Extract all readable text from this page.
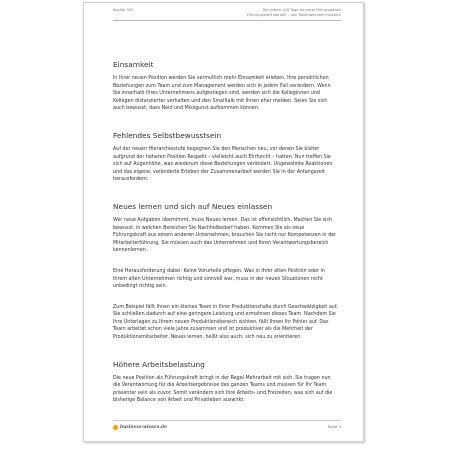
Kapitel 302	Die ersten 100 Tage als neue Führungskraft
Führungskraft werden – den Rollenwechsel meistern
Einsamkeit

In Ihrer neuen Position werden Sie vermutlich mehr Einsamkeit erleben. Ihre persönlichen Beziehungen zum Team und zum Management werden sich in jedem Fall verändern. Wenn Sie innerhalb Ihres Unternehmens aufgestiegen sind, werden sich die Kolleginnen und Kollegen distanzierter verhalten und den Smalltalk mit Ihnen eher meiden. Seien Sie sich auch bewusst, dass Neid und Missgunst aufkommen können.

Fehlendes Selbstbewusstsein

Auf der neuen Hierarchiestufe begegnen Sie den Menschen neu, vor denen Sie bisher aufgrund der höheren Position Respekt – vielleicht auch Ehrfurcht – hatten. Nun treffen Sie sich auf Augenhöhe, was wiederum diese Beziehungen verändert. Ungewohnte Reaktionen und das eigene, veränderte Erleben der Zusammenarbeit werden Sie in der Anfangszeit herausfordern.

Neues lernen und sich auf Neues einlassen

Wer neue Aufgaben übernimmt, muss Neues lernen. Das ist offensichtlich. Machen Sie sich bewusst, in welchen Bereichen Sie Nachholbedarf haben. Kommen Sie als neue Führungskraft aus einem anderen Unternehmen, brauchen Sie nicht nur Kompetenzen in der Mitarbeiterführung. Sie müssen auch das Unternehmen und Ihren Verantwortungsbereich kennenlernen.

Eine Herausforderung dabei: Keine Vorurteile pflegen. Was in Ihrer alten Position oder in Ihrem alten Unternehmen richtig und sinnvoll war, muss in der neuen Situationen nicht unbedingt richtig sein.

Zum Beispiel fällt Ihnen ein kleines Team in Ihrer Produktionshalle durch Geschwätzigkeit auf. Sie schließen dadurch auf eine geringere Leistung und ermahnen dieses Team. Nachdem Sie Ihre Unterlagen zu Ihrem neuen Produktionsbereich sichten, fällt Ihnen Ihr Fehler auf. Das Team arbeitet schon viele Jahre zusammen und ist produktiver als die Mehrheit der Produktionsmitarbeiter. Neues lernen, heißt also auch, sich neu zu orientieren.

Höhere Arbeitsbelastung

Die neue Position als Führungskraft bringt in der Regel Mehrarbeit mit sich. Sie tragen nun die Verantwortung für die Arbeitsergebnisse des ganzen Teams und müssen für Ihr Team präsenter sein als zuvor. Somit verändern sich Ihre Arbeits- und Freizeiten, was sich auf die bisherige Balance von Arbeit und Privatleben auswirkt.

business-wissen.de	Seite 4
